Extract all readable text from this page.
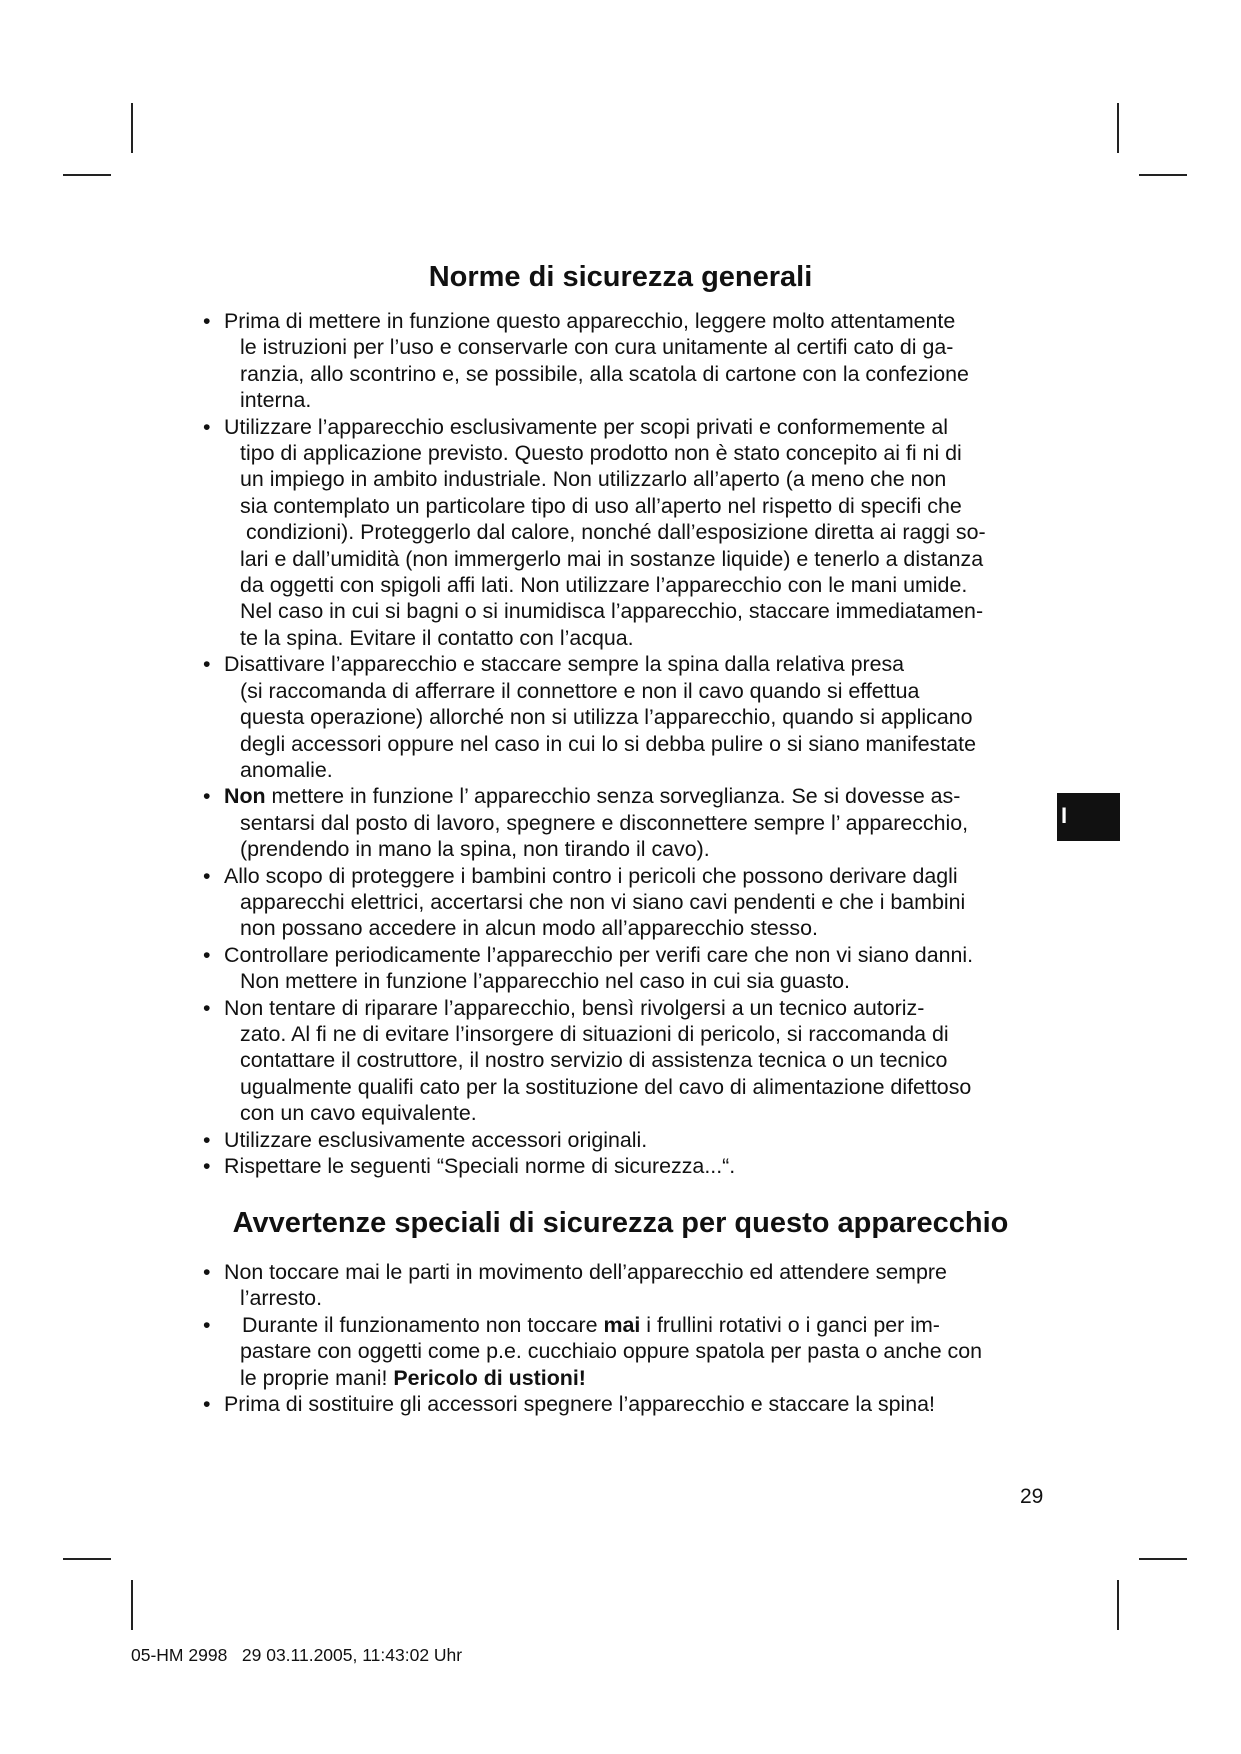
Norme di sicurezza generali
• Prima di mettere in funzione questo apparecchio, leggere molto attentamente
le istruzioni per l’uso e conservarle con cura unitamente al certifi cato di ga-
ranzia, allo scontrino e, se possibile, alla scatola di cartone con la confezione
interna.
• Utilizzare l’apparecchio esclusivamente per scopi privati e conformemente al
tipo di applicazione previsto. Questo prodotto non è stato concepito ai fi ni di
un impiego in ambito industriale. Non utilizzarlo all’aperto (a meno che non
sia contemplato un particolare tipo di uso all’aperto nel rispetto di specifi che
condizioni). Proteggerlo dal calore, nonché dall’esposizione diretta ai raggi so-
lari e dall’umidità (non immergerlo mai in sostanze liquide) e tenerlo a distanza
da oggetti con spigoli affi lati. Non utilizzare l’apparecchio con le mani umide.
Nel caso in cui si bagni o si inumidisca l’apparecchio, staccare immediatamen-
te la spina. Evitare il contatto con l’acqua.
• Disattivare l’apparecchio e staccare sempre la spina dalla relativa presa
(si raccomanda di afferrare il connettore e non il cavo quando si effettua
questa operazione) allorché non si utilizza l’apparecchio, quando si applicano
degli accessori oppure nel caso in cui lo si debba pulire o si siano manifestate
anomalie.
• Non mettere in funzione l’ apparecchio senza sorveglianza. Se si dovesse as-
sentarsi dal posto di lavoro, spegnere e disconnettere sempre l’ apparecchio,
(prendendo in mano la spina, non tirando il cavo).
• Allo scopo di proteggere i bambini contro i pericoli che possono derivare dagli
apparecchi elettrici, accertarsi che non vi siano cavi pendenti e che i bambini
non possano accedere in alcun modo all’apparecchio stesso.
• Controllare periodicamente l’apparecchio per verifi care che non vi siano danni.
Non mettere in funzione l’apparecchio nel caso in cui sia guasto.
• Non tentare di riparare l’apparecchio, bensì rivolgersi a un tecnico autoriz-
zato. Al fi ne di evitare l’insorgere di situazioni di pericolo, si raccomanda di
contattare il costruttore, il nostro servizio di assistenza tecnica o un tecnico
ugualmente qualifi cato per la sostituzione del cavo di alimentazione difettoso
con un cavo equivalente.
• Utilizzare esclusivamente accessori originali.
• Rispettare le seguenti “Speciali norme di sicurezza...“.
Avvertenze speciali di sicurezza per questo apparecchio
• Non toccare mai le parti in movimento dell’apparecchio ed attendere sempre
l’arresto.
• Durante il funzionamento non toccare mai i frullini rotativi o i ganci per im-
pastare con oggetti come p.e. cucchiaio oppure spatola per pasta o anche con
le proprie mani! Pericolo di ustioni!
• Prima di sostituire gli accessori spegnere l’apparecchio e staccare la spina!
I
29
05-HM 2998   29 03.11.2005, 11:43:02 Uhr
